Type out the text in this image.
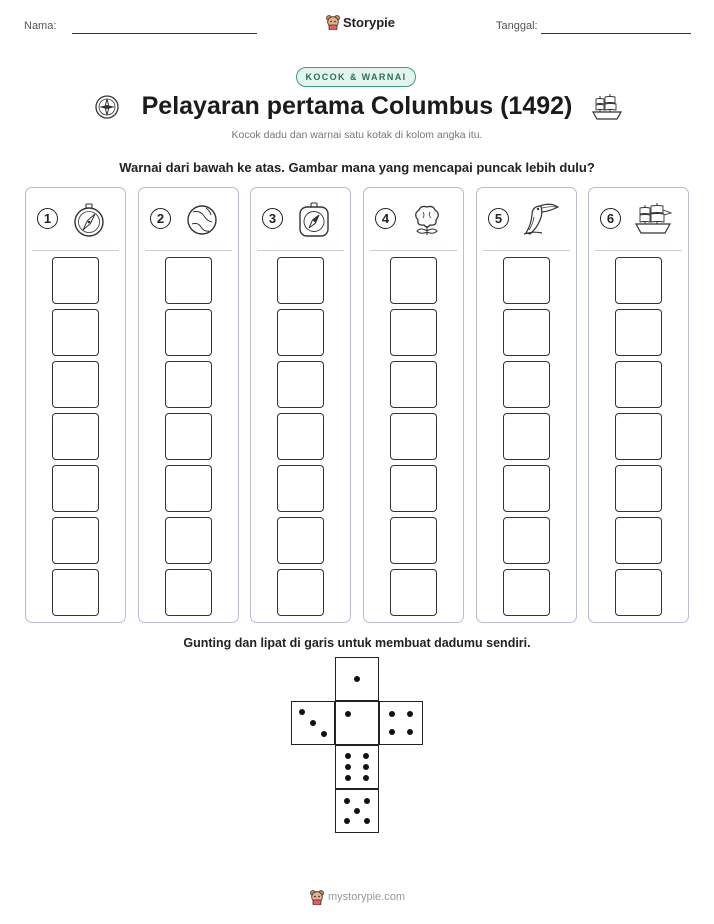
Nama:	Storypie	Tanggal:
KOCOK & WARNAI
Pelayaran pertama Columbus (1492)
Kocok dadu dan warnai satu kotak di kolom angka itu.
Warnai dari bawah ke atas. Gambar mana yang mencapai puncak lebih dulu?
1	2	3	4	5	6
Gunting dan lipat di garis untuk membuat dadumu sendiri.
mystorypie.com
